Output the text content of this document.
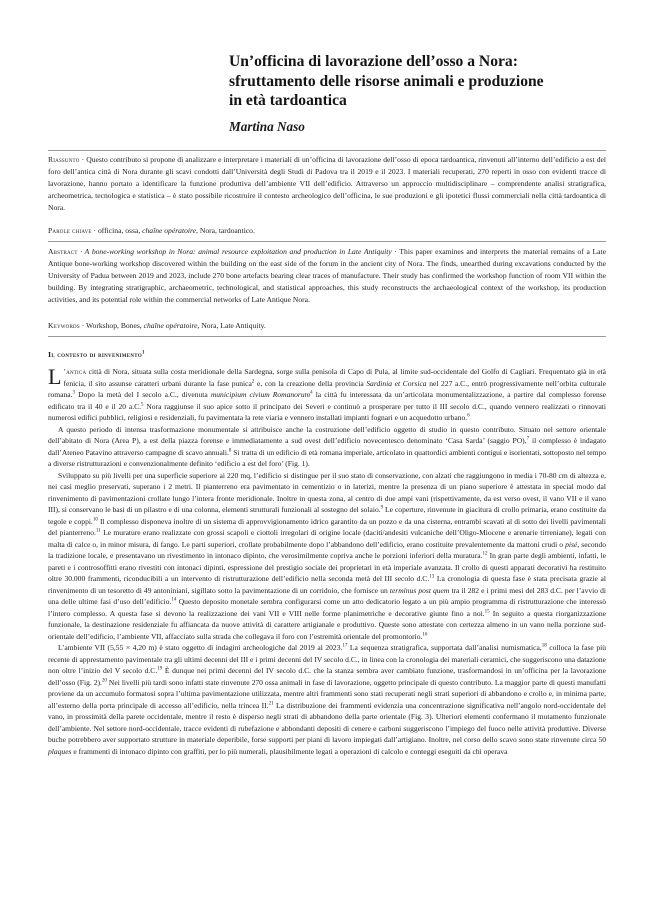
Un’officina di lavorazione dell’osso a Nora: sfruttamento delle risorse animali e produzione in età tardoantica

Martina Naso

Riassunto · Questo contributo si propone di analizzare e interpretare i materiali di un’officina di lavorazione dell’osso di epoca tardoantica, rinvenuti all’interno dell’edificio a est del foro dell’antica città di Nora durante gli scavi condotti dall’Università degli Studi di Padova tra il 2019 e il 2023. I materiali recuperati, 270 reperti in osso con evidenti tracce di lavorazione, hanno portato a identificare la funzione produttiva dell’ambiente VII dell’edificio. Attraverso un approccio multidisciplinare – comprendente analisi stratigrafica, archeometrica, tecnologica e statistica – è stato possibile ricostruire il contesto archeologico dell’officina, le sue produzioni e gli ipotetici flussi commerciali nella città tardoantica di Nora.

Parole chiave · officina, ossa, chaîne opératoire, Nora, tardoantico.

Abstract · A bone-working workshop in Nora: animal resource exploitation and production in Late Antiquity · This paper examines and interprets the material remains of a Late Antique bone-working workshop discovered within the building on the east side of the forum in the ancient city of Nora. The finds, unearthed during excavations conducted by the University of Padua between 2019 and 2023, include 270 bone artefacts bearing clear traces of manufacture. Their study has confirmed the workshop function of room VII within the building. By integrating stratigraphic, archaeometric, technological, and statistical approaches, this study reconstructs the archaeological context of the workshop, its production activities, and its potential role within the commercial networks of Late Antique Nora.

Keywords · Workshop, Bones, chaîne opératoire, Nora, Late Antiquity.

Il contesto di rinvenimento$^1$

L ’antica città di Nora, situata sulla costa meridionale della Sardegna, sorge sulla penisola di Capo di Pula, al limite sud-occidentale del Golfo di Cagliari. Frequentato già in età fenicia, il sito assunse caratteri urbani durante la fase punica$^2$ e, con la creazione della provincia Sardinia et Corsica nel 227 a.C., entrò progressivamente nell’orbita culturale romana.$^3$ Dopo la metà del I secolo a.C., divenuta municipium civium Romanorum$^4$ la città fu interessata da un’articolata monumentalizzazione, a partire dal complesso forense edificato tra il 40 e il 20 a.C.$^5$ Nora raggiunse il suo apice sotto il principato dei Severi e continuò a prosperare per tutto il III secolo d.C., quando vennero realizzati o rinnovati numerosi edifici pubblici, religiosi e residenziali, fu pavimentata la rete viaria e vennero installati impianti fognari e un acquedotto urbano.$^6$

A questo periodo di intensa trasformazione monumentale si attribuisce anche la costruzione dell’edificio oggetto di studio in questo contributo. Situato nel settore orientale dell’abitato di Nora (Area P), a est della piazza forense e immediatamente a sud ovest dell’edificio novecentesco denominato ‘Casa Sarda’ (saggio PO),$^7$ il complesso è indagato dall’Ateneo Patavino attraverso campagne di scavo annuali.$^8$ Si tratta di un edificio di età romana imperiale, articolato in quattordici ambienti contigui e isorientati, sottoposto nel tempo a diverse ristrutturazioni e convenzionalmente definito ‘edificio a est del foro’ (Fig. 1).

Sviluppato su più livelli per una superficie superiore ai 220 mq, l’edificio si distingue per il suo stato di conservazione, con alzati che raggiungono in media i 70-80 cm di altezza e, nei casi meglio preservati, superano i 2 metri. Il pianterreno era pavimentato in cementizio o in laterizi, mentre la presenza di un piano superiore è attestata in special modo dal rinvenimento di pavimentazioni crollate lungo l’intera fronte meridionale. Inoltre in questa zona, al centro di due ampi vani (rispettivamente, da est verso ovest, il vano VII e il vano III), si conservano le basi di un pilastro e di una colonna, elementi strutturali funzionali al sostegno del solaio.$^9$ Le coperture, rinvenute in giacitura di crollo primaria, erano costituite da tegole e coppi.$^{10}$ Il complesso disponeva inoltre di un sistema di approvvigionamento idrico garantito da un pozzo e da una cisterna, entrambi scavati al di sotto dei livelli pavimentali del pianterreno.$^{11}$ Le murature erano realizzate con grossi scapoli e ciottoli irregolari di origine locale (daciti/andesiti vulcaniche dell’Oligo-Miocene e arenarie tirreniane), legati con malta di calce o, in minor misura, di fango. Le parti superiori, crollate probabilmente dopo l’abbandono dell’edificio, erano costituite prevalentemente da mattoni crudi o pisé, secondo la tradizione locale, e presentavano un rivestimento in intonaco dipinto, che verosimilmente copriva anche le porzioni inferiori della muratura.$^{12}$ In gran parte degli ambienti, infatti, le pareti e i controsoffitti erano rivestiti con intonaci dipinti, espressione del prestigio sociale dei proprietari in età imperiale avanzata. Il crollo di questi apparati decorativi ha restituito oltre 30.000 frammenti, riconducibili a un intervento di ristrutturazione dell’edificio nella seconda metà del III secolo d.C.$^{13}$ La cronologia di questa fase è stata precisata grazie al rinvenimento di un tesoretto di 49 antoniniani, sigillato sotto la pavimentazione di un corridoio, che fornisce un terminus post quem tra il 282 e i primi mesi del 283 d.C. per l’avvio di una delle ultime fasi d’uso dell’edificio.$^{14}$ Questo deposito monetale sembra configurarsi come un atto dedicatorio legato a un più ampio programma di ristrutturazione che interessò l’intero complesso. A questa fase si devono la realizzazione dei vani VII e VIII nelle forme planimetriche e decorative giunte fino a noi.$^{15}$ In seguito a questa riorganizzazione funzionale, la destinazione residenziale fu affiancata da nuove attività di carattere artigianale e produttivo. Queste sono attestate con certezza almeno in un vano nella porzione sud-orientale dell’edificio, l’ambiente VII, affacciato sulla strada che collegava il foro con l’estremità orientale del promontorio.$^{16}$

L’ambiente VII (5,55 × 4,20 m) è stato oggetto di indagini archeologiche dal 2019 al 2023.17 La sequenza stratigrafica, supportata dall’analisi numismatica,$^{18}$ colloca la fase più recente di apprestamento pavimentale tra gli ultimi decenni del III e i primi decenni del IV secolo d.C., in linea con la cronologia dei materiali ceramici, che suggeriscono una datazione non oltre l’inizio del V secolo d.C.$^{19}$ È dunque nei primi decenni del IV secolo d.C. che la stanza sembra aver cambiato funzione, trasformandosi in un’officina per la lavorazione dell’osso (Fig. 2).$^{20}$ Nei livelli più tardi sono infatti state rinvenute 270 ossa animali in fase di lavorazione, oggetto principale di questo contributo. La maggior parte di questi manufatti proviene da un accumulo formatosi sopra l’ultima pavimentazione utilizzata, mentre altri frammenti sono stati recuperati negli strati superiori di abbandono e crollo e, in minima parte, all’esterno della porta principale di accesso all’edificio, nella trincea II.$^{21}$ La distribuzione dei frammenti evidenzia una concentrazione significativa nell’angolo nord-occidentale del vano, in prossimità della parete occidentale, mentre il resto è disperso negli strati di abbandono della parte orientale (Fig. 3). Ulteriori elementi confermano il mutamento funzionale dell’ambiente. Nel settore nord-occidentale, tracce evidenti di rubefazione e abbondanti depositi di cenere e carboni suggeriscono l’impiego del fuoco nelle attività produttive. Diverse buche potrebbero aver supportato strutture in materiale deperibile, forse supporti per piani di lavoro impiegati dall’artigiano. Inoltre, nel corso dello scavo sono state rinvenute circa 50 plaques e frammenti di intonaco dipinto con graffiti, per lo più numerali, plausibilmente legati a operazioni di calcolo e conteggi eseguiti da chi operava
